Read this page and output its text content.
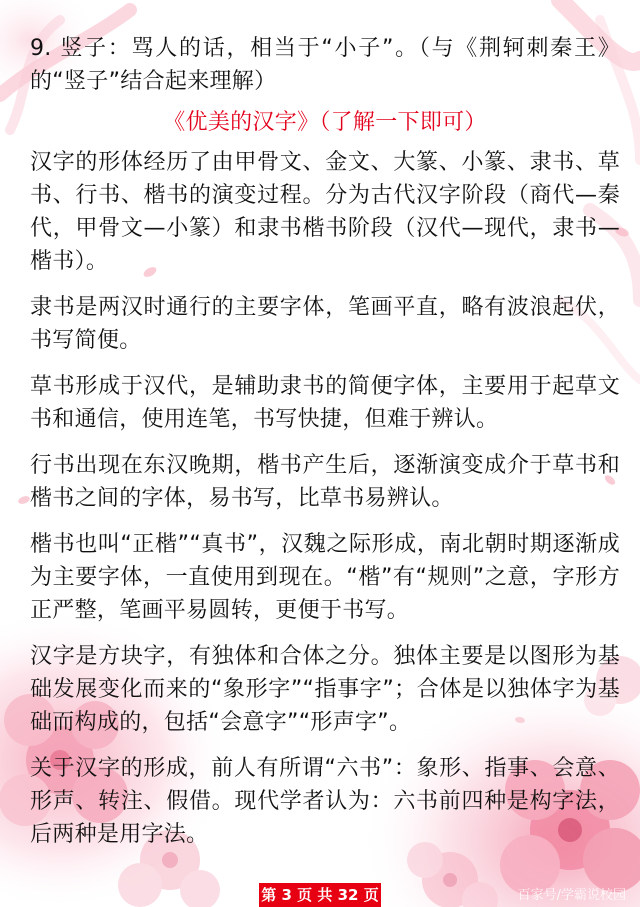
9. 竖子：骂人的话，相当于“小子”。（与《荆轲刺秦王》的“竖子”结合起来理解）

《优美的汉字》（了解一下即可）

汉字的形体经历了由甲骨文、金文、大篆、小篆、隶书、草书、行书、楷书的演变过程。分为古代汉字阶段（商代—秦代，甲骨文—小篆）和隶书楷书阶段（汉代—现代，隶书—楷书）。

隶书是两汉时通行的主要字体，笔画平直，略有波浪起伏，书写简便。

草书形成于汉代，是辅助隶书的简便字体，主要用于起草文书和通信，使用连笔，书写快捷，但难于辨认。

行书出现在东汉晚期，楷书产生后，逐渐演变成介于草书和楷书之间的字体，易书写，比草书易辨认。

楷书也叫“正楷”“真书”，汉魏之际形成，南北朝时期逐渐成为主要字体，一直使用到现在。“楷”有“规则”之意，字形方正严整，笔画平易圆转，更便于书写。

汉字是方块字，有独体和合体之分。独体主要是以图形为基础发展变化而来的“象形字”“指事字”；合体是以独体字为基础而构成的，包括“会意字”“形声字”。

关于汉字的形成，前人有所谓“六书”：象形、指事、会意、形声、转注、假借。现代学者认为：六书前四种是构字法，后两种是用字法。

第 3 页 共 32 页	百家号/学霸说校园
